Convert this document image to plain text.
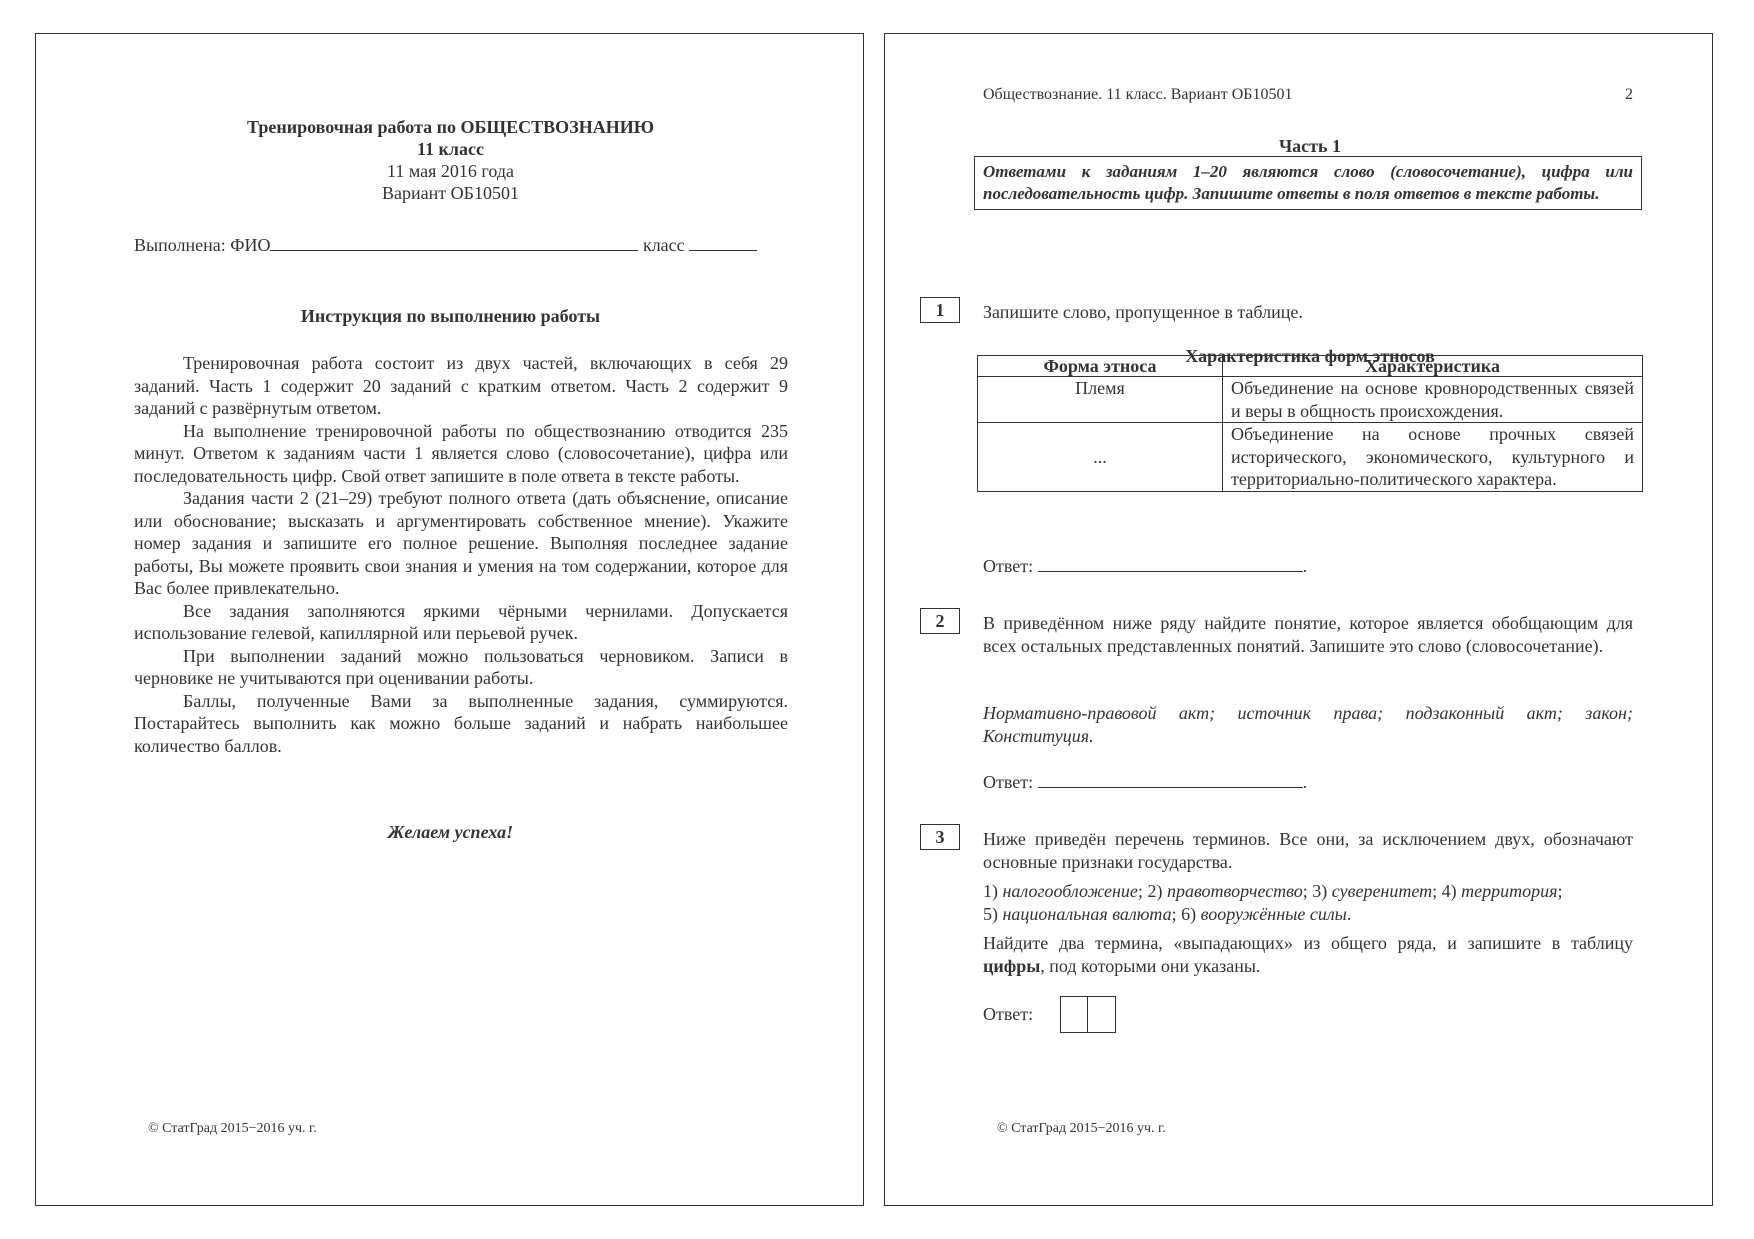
Тренировочная работа по ОБЩЕСТВОЗНАНИЮ
11 класс
11 мая 2016 года
Вариант ОБ10501
Выполнена: ФИО	класс
Инструкция по выполнению работы

Тренировочная работа состоит из двух частей, включающих в себя 29 заданий. Часть 1 содержит 20 заданий с кратким ответом. Часть 2 содержит 9 заданий с развёрнутым ответом.

На выполнение тренировочной работы по обществознанию отводится 235 минут. Ответом к заданиям части 1 является слово (словосочетание), цифра или последовательность цифр. Свой ответ запишите в поле ответа в тексте работы.

Задания части 2 (21–29) требуют полного ответа (дать объяснение, описание или обоснование; высказать и аргументировать собственное мнение). Укажите номер задания и запишите его полное решение. Выполняя последнее задание работы, Вы можете проявить свои знания и умения на том содержании, которое для Вас более привлекательно.

Все задания заполняются яркими чёрными чернилами. Допускается использование гелевой, капиллярной или перьевой ручек.

При выполнении заданий можно пользоваться черновиком. Записи в черновике не учитываются при оценивании работы.

Баллы, полученные Вами за выполненные задания, суммируются. Постарайтесь выполнить как можно больше заданий и набрать наибольшее количество баллов.

Желаем успеха!
© СтатГрад 2015−2016 уч. г.
Обществознание. 11 класс. Вариант ОБ10501	2
Часть 1
Ответами к заданиям 1–20 являются слово (словосочетание), цифра или последовательность цифр. Запишите ответы в поля ответов в тексте работы.
1	Запишите слово, пропущенное в таблице.
Характеристика форм этносов
Форма этноса	Характеристика
Племя	Объединение на основе кровнородственных связей и веры в общность происхождения.
...	Объединение на основе прочных связей исторического, экономического, культурного и территориально-политического характера.
Ответ:	.
2	В приведённом ниже ряду найдите понятие, которое является обобщающим для всех остальных представленных понятий. Запишите это слово (словосочетание).
Нормативно-правовой акт; источник права; подзаконный акт; закон; Конституция.
Ответ:	.
3	Ниже приведён перечень терминов. Все они, за исключением двух, обозначают основные признаки государства.
1) налогообложение; 2) правотворчество; 3) суверенитет; 4) территория;
5) национальная валюта; 6) вооружённые силы.
Найдите два термина, «выпадающих» из общего ряда, и запишите в таблицу цифры, под которыми они указаны.
Ответ:
© СтатГрад 2015−2016 уч. г.
